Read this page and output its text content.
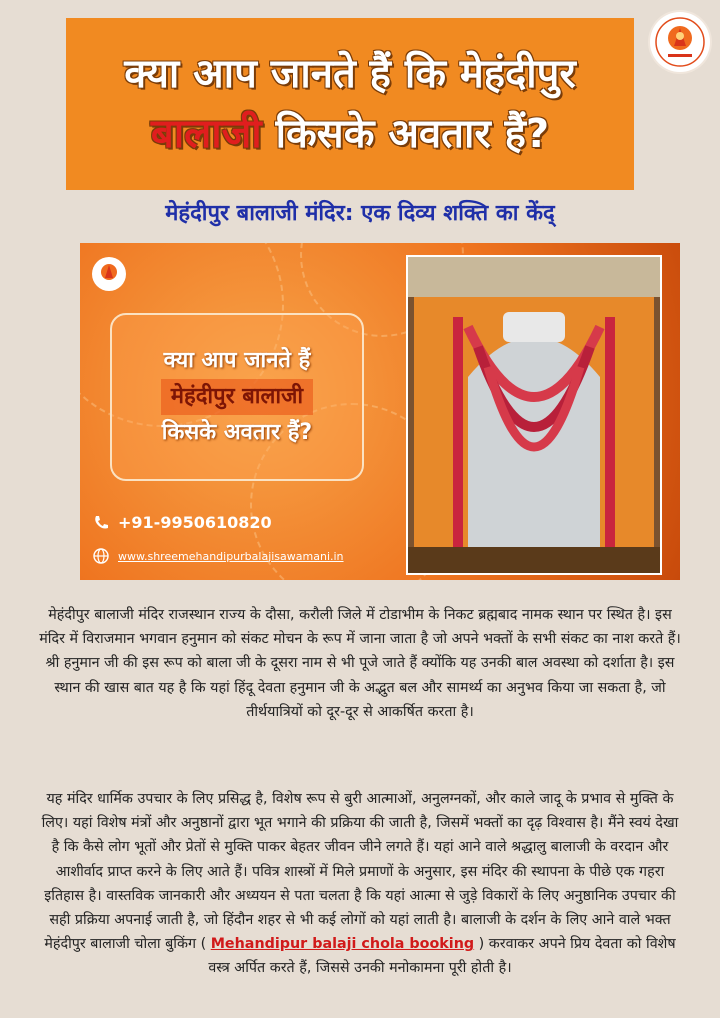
क्या आप जानते हैं कि मेहंदीपुर
बालाजी किसके अवतार हैं?
मेहंदीपुर बालाजी मंदिर: एक दिव्य शक्ति का केंद्
क्या आप जानते हैं
मेहंदीपुर बालाजी
किसके अवतार हैं?
+91-9950610820
www.shreemehandipurbalajisawamani.in
मेहंदीपुर बालाजी मंदिर राजस्थान राज्य के दौसा, करौली जिले में टोडाभीम के निकट ब्रह्मबाद नामक स्थान पर स्थित है। इस मंदिर में विराजमान भगवान हनुमान को संकट मोचन के रूप में जाना जाता है जो अपने भक्तों के सभी संकट का नाश करते हैं। श्री हनुमान जी की इस रूप को बाला जी के दूसरा नाम से भी पूजे जाते हैं क्योंकि यह उनकी बाल अवस्था को दर्शाता है। इस स्थान की खास बात यह है कि यहां हिंदू देवता हनुमान जी के अद्भुत बल और सामर्थ्य का अनुभव किया जा सकता है, जो तीर्थयात्रियों को दूर-दूर से आकर्षित करता है।
यह मंदिर धार्मिक उपचार के लिए प्रसिद्ध है, विशेष रूप से बुरी आत्माओं, अनुलग्नकों, और काले जादू के प्रभाव से मुक्ति के लिए। यहां विशेष मंत्रों और अनुष्ठानों द्वारा भूत भगाने की प्रक्रिया की जाती है, जिसमें भक्तों का दृढ़ विश्वास है। मैंने स्वयं देखा है कि कैसे लोग भूतों और प्रेतों से मुक्ति पाकर बेहतर जीवन जीने लगते हैं। यहां आने वाले श्रद्धालु बालाजी के वरदान और आशीर्वाद प्राप्त करने के लिए आते हैं। पवित्र शास्त्रों में मिले प्रमाणों के अनुसार, इस मंदिर की स्थापना के पीछे एक गहरा इतिहास है। वास्तविक जानकारी और अध्ययन से पता चलता है कि यहां आत्मा से जुड़े विकारों के लिए अनुष्ठानिक उपचार की सही प्रक्रिया अपनाई जाती है, जो हिंदौन शहर से भी कई लोगों को यहां लाती है। बालाजी के दर्शन के लिए आने वाले भक्त मेहंदीपुर बालाजी चोला बुकिंग ( Mehandipur balaji chola booking ) करवाकर अपने प्रिय देवता को विशेष वस्त्र अर्पित करते हैं, जिससे उनकी मनोकामना पूरी होती है।
